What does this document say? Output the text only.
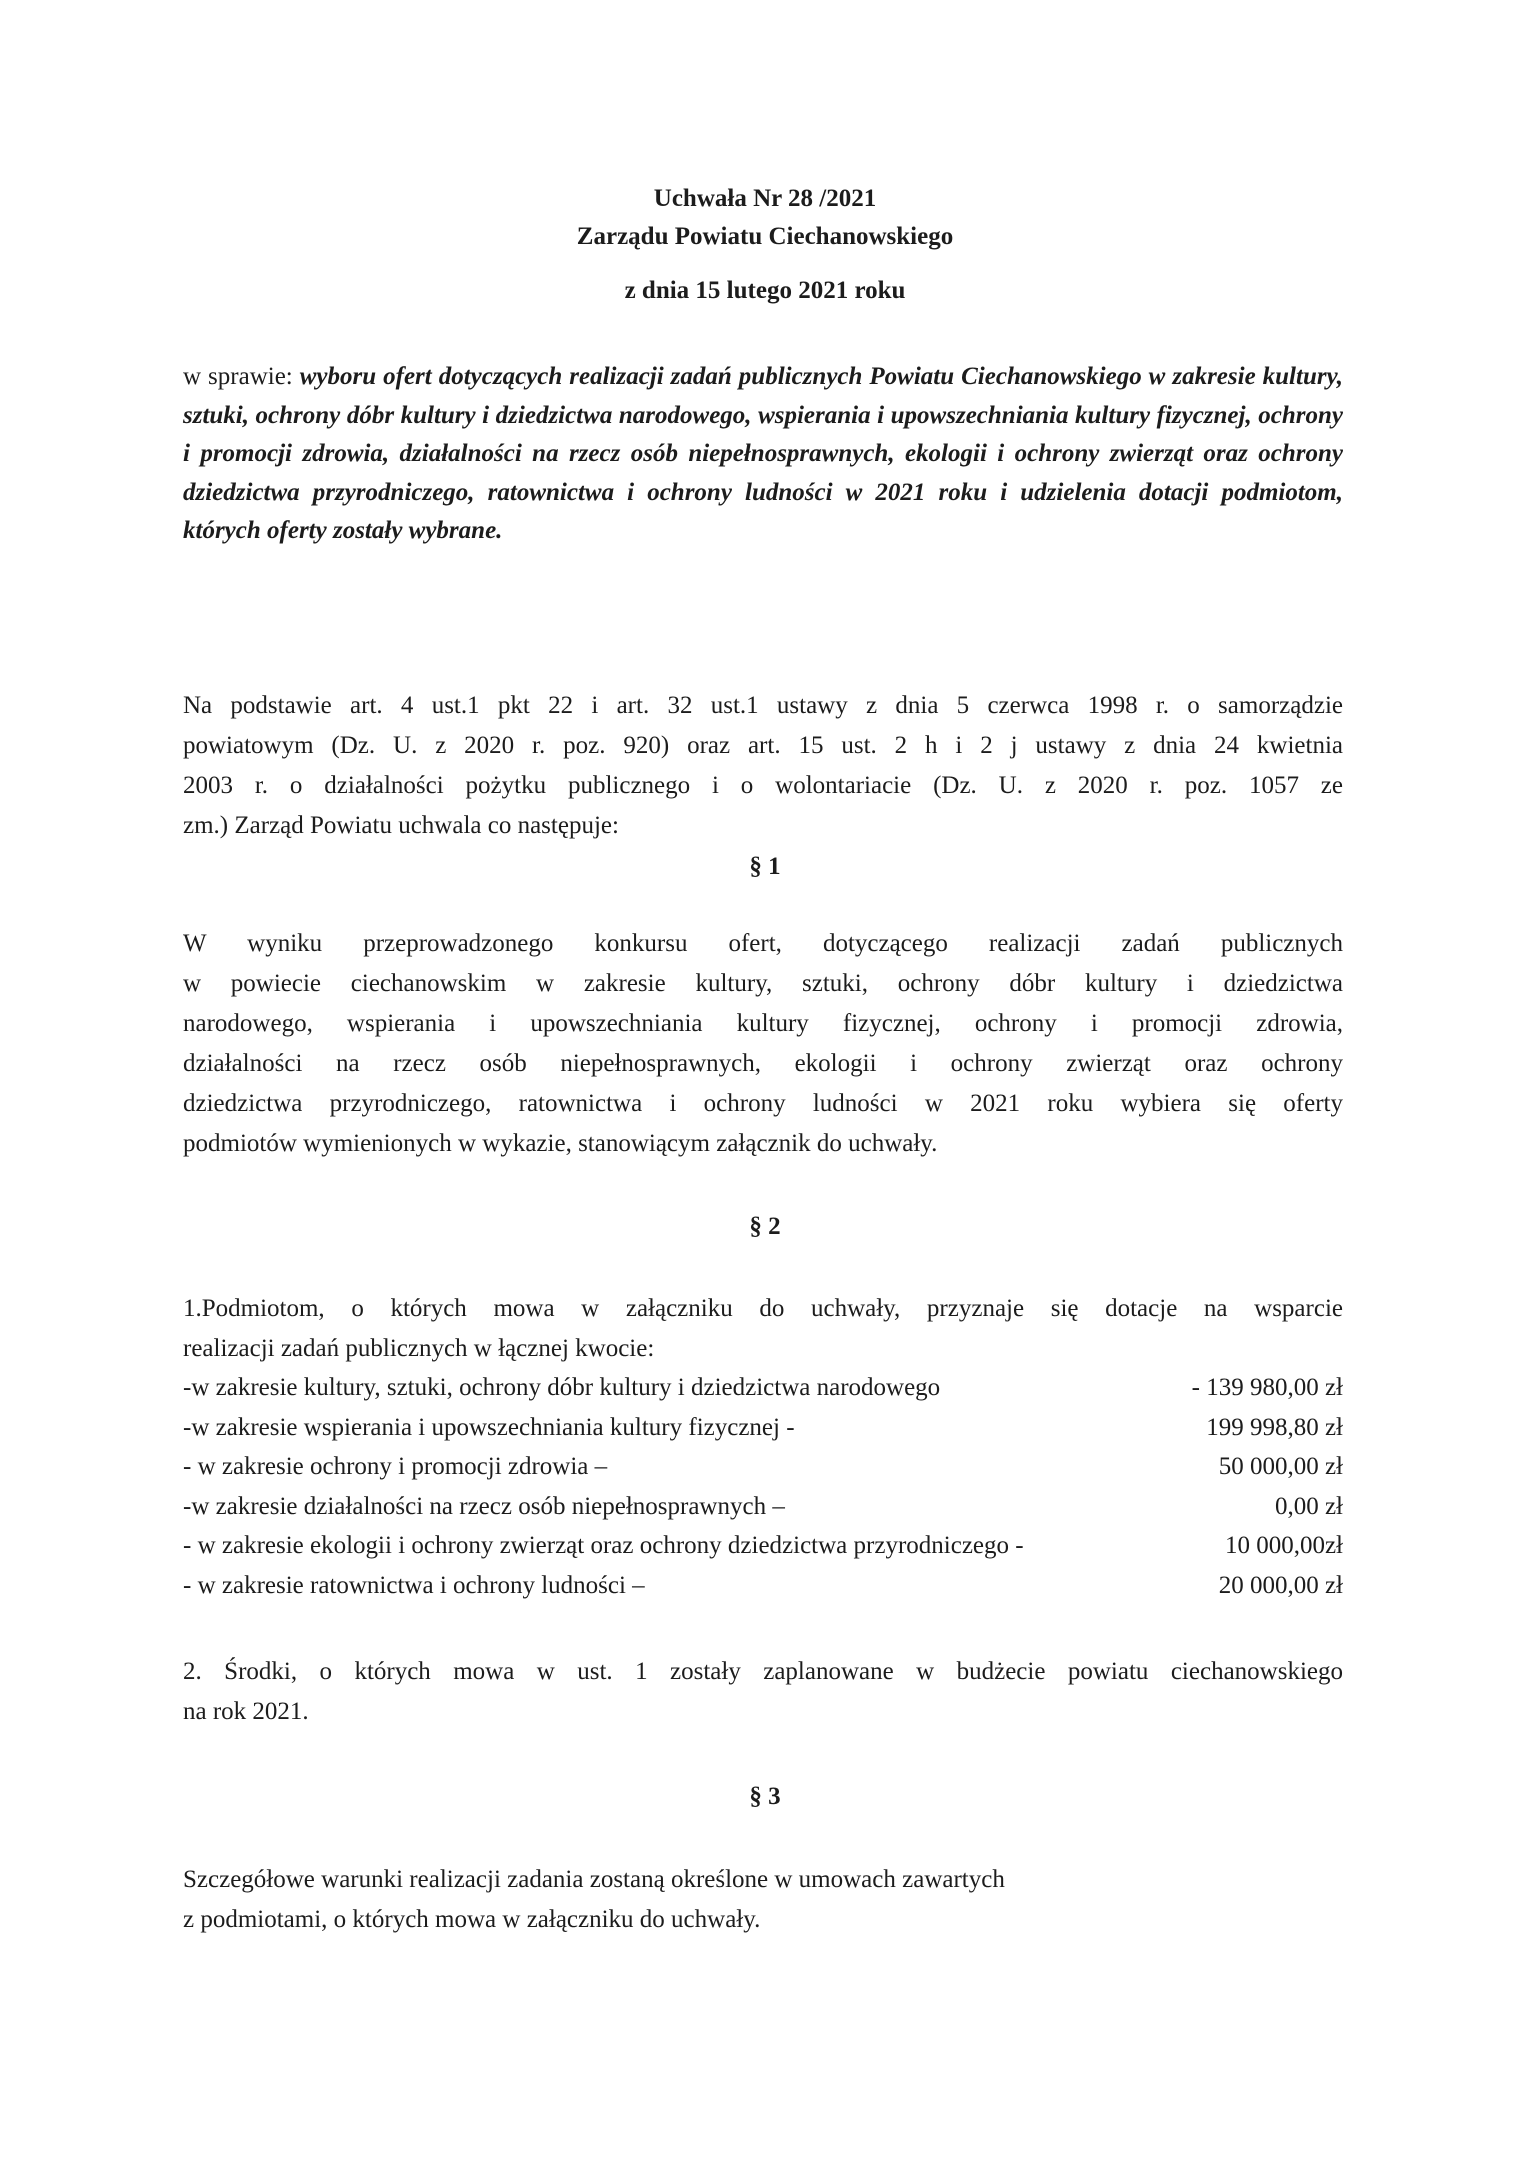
Uchwała Nr 28 /2021
Zarządu Powiatu Ciechanowskiego
z dnia 15 lutego 2021 roku
w sprawie: wyboru ofert dotyczących realizacji zadań publicznych Powiatu Ciechanowskiego w zakresie kultury, sztuki, ochrony dóbr kultury i dziedzictwa narodowego, wspierania i upowszechniania kultury fizycznej, ochrony i promocji zdrowia, działalności na rzecz osób niepełnosprawnych, ekologii i ochrony zwierząt oraz ochrony dziedzictwa przyrodniczego, ratownictwa i ochrony ludności w 2021 roku i udzielenia dotacji podmiotom, których oferty zostały wybrane.
Na podstawie art. 4 ust.1 pkt 22 i art. 32 ust.1 ustawy z dnia 5 czerwca 1998 r. o samorządzie
powiatowym (Dz. U. z 2020 r. poz. 920) oraz art. 15 ust. 2 h i 2 j ustawy z dnia 24 kwietnia
2003 r. o działalności pożytku publicznego i o wolontariacie (Dz. U. z 2020 r. poz. 1057 ze
zm.) Zarząd Powiatu uchwala co następuje:
§ 1
W wyniku przeprowadzonego konkursu ofert, dotyczącego realizacji zadań publicznych
w powiecie ciechanowskim w zakresie kultury, sztuki, ochrony dóbr kultury i dziedzictwa
narodowego, wspierania i upowszechniania kultury fizycznej, ochrony i promocji zdrowia,
działalności na rzecz osób niepełnosprawnych, ekologii i ochrony zwierząt oraz ochrony
dziedzictwa przyrodniczego, ratownictwa i ochrony ludności w 2021 roku wybiera się oferty
podmiotów wymienionych w wykazie, stanowiącym załącznik do uchwały.
§ 2
1.Podmiotom, o których mowa w załączniku do uchwały, przyznaje się dotacje na wsparcie
realizacji zadań publicznych w łącznej kwocie:
-w zakresie kultury, sztuki, ochrony dóbr kultury i dziedzictwa narodowego	- 139 980,00 zł
-w zakresie wspierania i upowszechniania kultury fizycznej -	199 998,80 zł
- w zakresie ochrony i promocji zdrowia –	50 000,00 zł
-w zakresie działalności na rzecz osób niepełnosprawnych –	0,00 zł
- w zakresie ekologii i ochrony zwierząt oraz ochrony dziedzictwa przyrodniczego -	10 000,00zł
- w zakresie ratownictwa i ochrony ludności –	20 000,00 zł
2. Środki, o których mowa w ust. 1 zostały zaplanowane w budżecie powiatu ciechanowskiego
na rok 2021.
§ 3
Szczegółowe warunki realizacji zadania zostaną określone w umowach zawartych
z podmiotami, o których mowa w załączniku do uchwały.
